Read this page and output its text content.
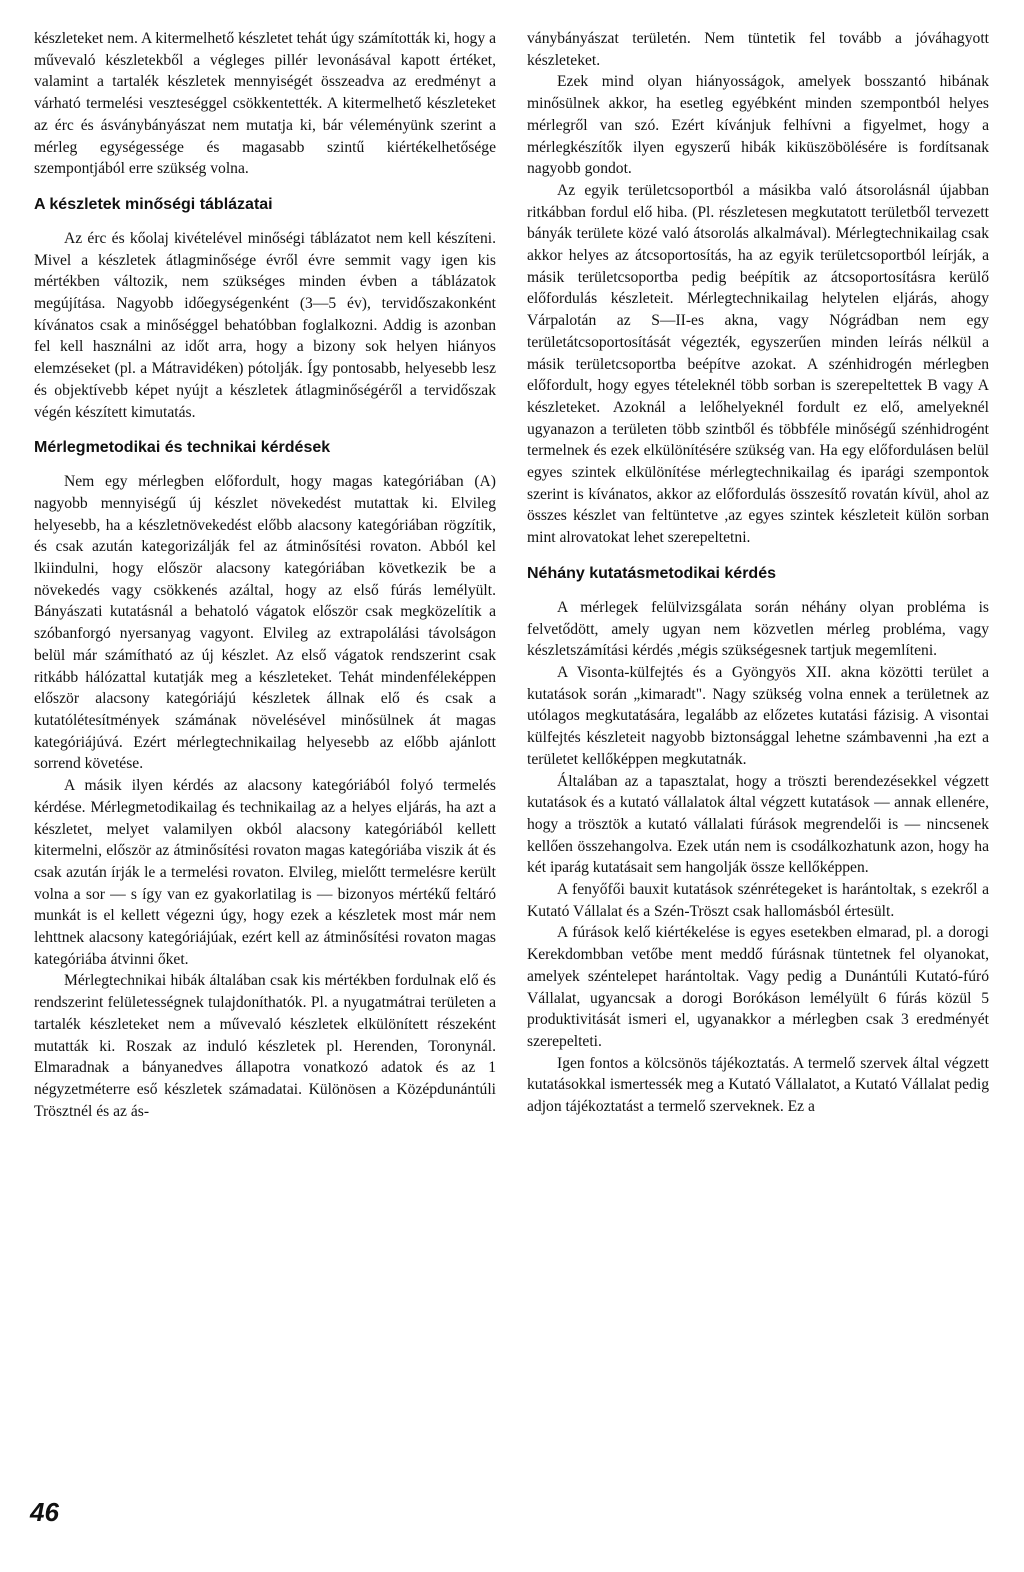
készleteket nem. A kitermelhető készletet tehát úgy számították ki, hogy a művevaló készletekből a végleges pillér levonásával kapott értéket, valamint a tartalék készletek mennyiségét összeadva az eredményt a várható termelési veszteséggel csökkentették. A kitermelhető készleteket az érc és ásványbányászat nem mutatja ki, bár véleményünk szerint a mérleg egységessége és magasabb szintű kiértékelhetősége szempontjából erre szükség volna.

A készletek minőségi táblázatai

Az érc és kőolaj kivételével minőségi táblázatot nem kell készíteni. Mivel a készletek átlagminősége évről évre semmit vagy igen kis mértékben változik, nem szükséges minden évben a táblázatok megújítása. Nagyobb időegységenként (3—5 év), tervidőszakonként kívánatos csak a minőséggel behatóbban foglalkozni. Addig is azonban fel kell használni az időt arra, hogy a bizony sok helyen hiányos elemzéseket (pl. a Mátravidéken) pótolják. Így pontosabb, helyesebb lesz és objektívebb képet nyújt a készletek átlagminőségéről a tervidőszak végén készített kimutatás.

Mérlegmetodikai és technikai kérdések

Nem egy mérlegben előfordult, hogy magas kategóriában (A) nagyobb mennyiségű új készlet növekedést mutattak ki. Elvileg helyesebb, ha a készletnövekedést előbb alacsony kategóriában rögzítik, és csak azután kategorizálják fel az átminősítési rovaton. Abból kel lkiindulni, hogy először alacsony kategóriában következik be a növekedés vagy csökkenés azáltal, hogy az első fúrás lemélyült. Bányászati kutatásnál a behatoló vágatok először csak megközelítik a szóbanforgó nyersanyag vagyont. Elvileg az extrapolálási távolságon belül már számítható az új készlet. Az első vágatok rendszerint csak ritkább hálózattal kutatják meg a készleteket. Tehát mindenféleképpen először alacsony kategóriájú készletek állnak elő és csak a kutatólétesítmények számának növelésével minősülnek át magas kategóriájúvá. Ezért mérlegtechnikailag helyesebb az előbb ajánlott sorrend követése.

A másik ilyen kérdés az alacsony kategóriából folyó termelés kérdése. Mérlegmetodikailag és technikailag az a helyes eljárás, ha azt a készletet, melyet valamilyen okból alacsony kategóriából kellett kitermelni, először az átminősítési rovaton magas kategóriába viszik át és csak azután írják le a termelési rovaton. Elvileg, mielőtt termelésre került volna a sor — s így van ez gyakorlatilag is — bizonyos mértékű feltáró munkát is el kellett végezni úgy, hogy ezek a készletek most már nem lehttnek alacsony kategóriájúak, ezért kell az átminősítési rovaton magas kategóriába átvinni őket.

Mérlegtechnikai hibák általában csak kis mértékben fordulnak elő és rendszerint felületességnek tulajdoníthatók. Pl. a nyugatmátrai területen a tartalék készleteket nem a művevaló készletek elkülönített részeként mutatták ki. Roszak az induló készletek pl. Herenden, Toronynál. Elmaradnak a bányanedves állapotra vonatkozó adatok és az 1 négyzetméterre eső készletek számadatai. Különösen a Középdunántúli Trösztnél és az ás-

ványbányászat területén. Nem tüntetik fel tovább a jóváhagyott készleteket.

Ezek mind olyan hiányosságok, amelyek bosszantó hibának minősülnek akkor, ha esetleg egyébként minden szempontból helyes mérlegről van szó. Ezért kívánjuk felhívni a figyelmet, hogy a mérlegkészítők ilyen egyszerű hibák kiküszöbölésére is fordítsanak nagyobb gondot.

Az egyik területcsoportból a másikba való átsorolásnál újabban ritkábban fordul elő hiba. (Pl. részletesen megkutatott területből tervezett bányák területe közé való átsorolás alkalmával). Mérlegtechnikailag csak akkor helyes az átcsoportosítás, ha az egyik területcsoportból leírják, a másik területcsoportba pedig beépítik az átcsoportosításra kerülő előfordulás készleteit. Mérlegtechnikailag helytelen eljárás, ahogy Várpalotán az S—II-es akna, vagy Nógrádban nem egy területátcsoportosítását végezték, egyszerűen minden leírás nélkül a másik területcsoportba beépítve azokat. A szénhidrogén mérlegben előfordult, hogy egyes tételeknél több sorban is szerepeltettek B vagy A készleteket. Azoknál a lelőhelyeknél fordult ez elő, amelyeknél ugyanazon a területen több szintből és többféle minőségű szénhidrogént termelnek és ezek elkülönítésére szükség van. Ha egy előfordulásen belül egyes szintek elkülönítése mérlegtechnikailag és iparági szempontok szerint is kívánatos, akkor az előfordulás összesítő rovatán kívül, ahol az összes készlet van feltüntetve ,az egyes szintek készleteit külön sorban mint alrovatokat lehet szerepeltetni.

Néhány kutatásmetodikai kérdés

A mérlegek felülvizsgálata során néhány olyan probléma is felvetődött, amely ugyan nem közvetlen mérleg probléma, vagy készletszámítási kérdés ,mégis szükségesnek tartjuk megemlíteni.

A Visonta-külfejtés és a Gyöngyös XII. akna közötti terület a kutatások során „kimaradt". Nagy szükség volna ennek a területnek az utólagos megkutatására, legalább az előzetes kutatási fázisig. A visontai külfejtés készleteit nagyobb biztonsággal lehetne számbavenni ,ha ezt a területet kellőképpen megkutatnák.

Általában az a tapasztalat, hogy a tröszti berendezésekkel végzett kutatások és a kutató vállalatok által végzett kutatások — annak ellenére, hogy a trösztök a kutató vállalati fúrások megrendelői is — nincsenek kellően összehangolva. Ezek után nem is csodálkozhatunk azon, hogy ha két iparág kutatásait sem hangolják össze kellőképpen.

A fenyőfői bauxit kutatások szénrétegeket is harántoltak, s ezekről a Kutató Vállalat és a Szén-Tröszt csak hallomásból értesült.

A fúrások kelő kiértékelése is egyes esetekben elmarad, pl. a dorogi Kerekdombban vetőbe ment meddő fúrásnak tüntetnek fel olyanokat, amelyek széntelepet harántoltak. Vagy pedig a Dunántúli Kutató-fúró Vállalat, ugyancsak a dorogi Borókáson lemélyült 6 fúrás közül 5 produktivitását ismeri el, ugyanakkor a mérlegben csak 3 eredményét szerepelteti.

Igen fontos a kölcsönös tájékoztatás. A termelő szervek által végzett kutatásokkal ismertessék meg a Kutató Vállalatot, a Kutató Vállalat pedig adjon tájékoztatást a termelő szerveknek. Ez a

46
